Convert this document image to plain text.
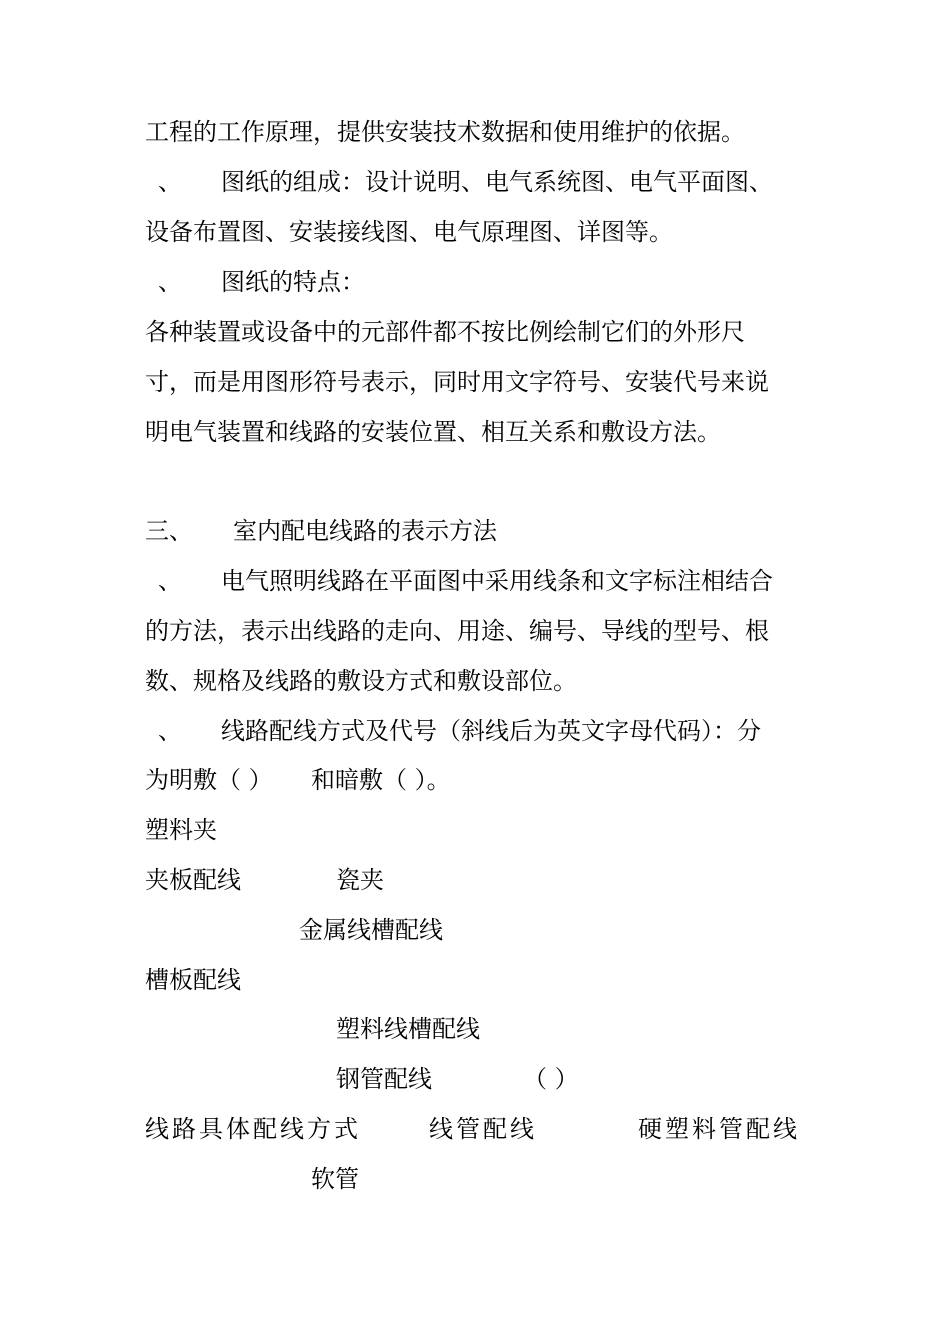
工程的工作原理，提供安装技术数据和使用维护的依据。
、 图纸的组成：设计说明、电气系统图、电气平面图、
设备布置图、安装接线图、电气原理图、详图等。
、 图纸的特点：
各种装置或设备中的元部件都不按比例绘制它们的外形尺
寸，而是用图形符号表示，同时用文字符号、安装代号来说
明电气装置和线路的安装位置、相互关系和敷设方法。
三、 室内配电线路的表示方法
、 电气照明线路在平面图中采用线条和文字标注相结合
的方法，表示出线路的走向、用途、编号、导线的型号、根
数、规格及线路的敷设方式和敷设部位。
、 线路配线方式及代号（斜线后为英文字母代码）：分
为明敷（ ） 和暗敷（ ）。
塑料夹
夹板配线	瓷夹
金属线槽配线
槽板配线
塑料线槽配线
钢管配线	（ ）
线路具体配线方式	线管配线	硬塑料管配线
软管
